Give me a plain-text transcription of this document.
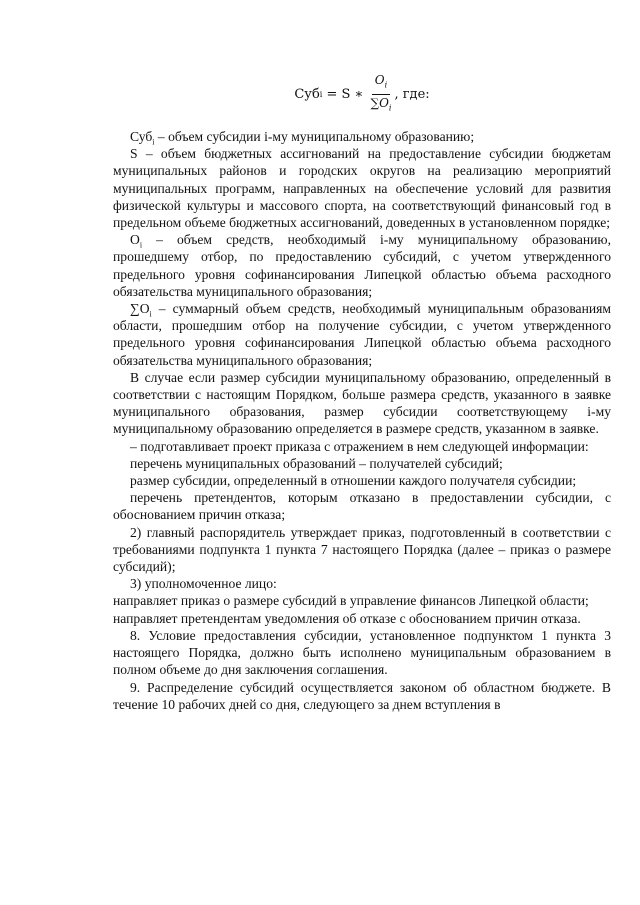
Суб i = S ∗ $\frac{O_i}{\sum O_i}$ , где:

Суб$_i$ – объем субсидии i-му муниципальному образованию;

S – объем бюджетных ассигнований на предоставление субсидии бюджетам муниципальных районов и городских округов на реализацию мероприятий муниципальных программ, направленных на обеспечение условий для развития физической культуры и массового спорта, на соответствующий финансовый год в предельном объеме бюджетных ассигнований, доведенных в установленном порядке;

$O_i$ – объем средств, необходимый i-му муниципальному образованию, прошедшему отбор, по предоставлению субсидий, с учетом утвержденного предельного уровня софинансирования Липецкой областью объема расходного обязательства муниципального образования;

$\sum O_i$ – суммарный объем средств, необходимый муниципальным образованиям области, прошедшим отбор на получение субсидии, с учетом утвержденного предельного уровня софинансирования Липецкой областью объема расходного обязательства муниципального образования;

В случае если размер субсидии муниципальному образованию, определенный в соответствии с настоящим Порядком, больше размера средств, указанного в заявке муниципального образования, размер субсидии соответствующему i-му муниципальному образованию определяется в размере средств, указанном в заявке.

– подготавливает проект приказа с отражением в нем следующей информации:

перечень муниципальных образований – получателей субсидий;

размер субсидии, определенный в отношении каждого получателя субсидии;

перечень претендентов, которым отказано в предоставлении субсидии, с обоснованием причин отказа;

2) главный распорядитель утверждает приказ, подготовленный в соответствии с требованиями подпункта 1 пункта 7 настоящего Порядка (далее – приказ о размере субсидий);

3) уполномоченное лицо:

направляет приказ о размере субсидий в управление финансов Липецкой области;

направляет претендентам уведомления об отказе с обоснованием причин отказа.

8. Условие предоставления субсидии, установленное подпунктом 1 пункта 3 настоящего Порядка, должно быть исполнено муниципальным образованием в полном объеме до дня заключения соглашения.

9. Распределение субсидий осуществляется законом об областном бюджете. В течение 10 рабочих дней со дня, следующего за днем вступления в
